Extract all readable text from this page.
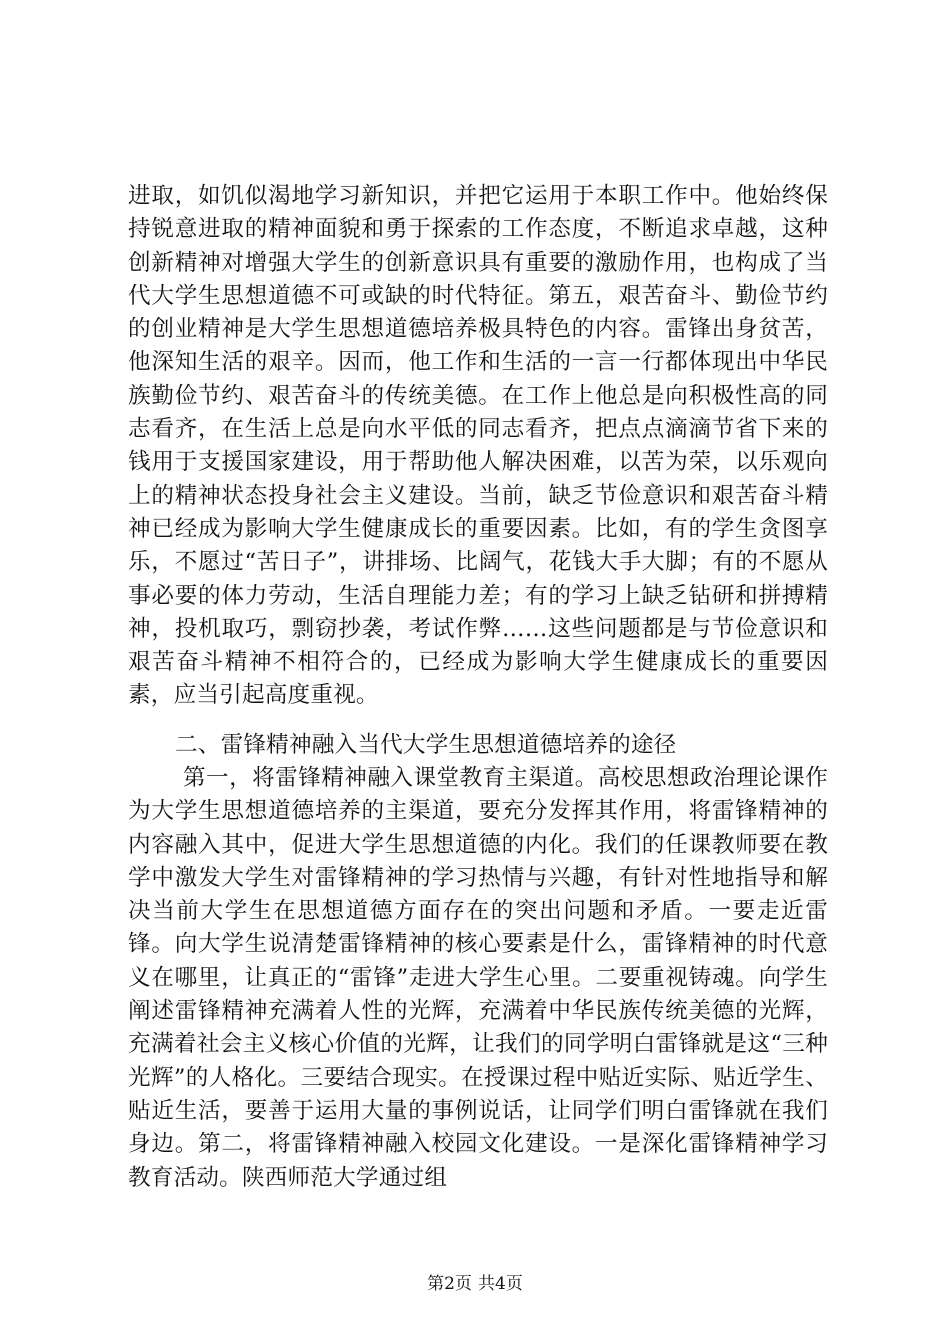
进取，如饥似渴地学习新知识，并把它运用于本职工作中。他始终保持锐意进取的精神面貌和勇于探索的工作态度，不断追求卓越，这种创新精神对增强大学生的创新意识具有重要的激励作用，也构成了当代大学生思想道德不可或缺的时代特征。第五，艰苦奋斗、勤俭节约的创业精神是大学生思想道德培养极具特色的内容。雷锋出身贫苦，他深知生活的艰辛。因而，他工作和生活的一言一行都体现出中华民族勤俭节约、艰苦奋斗的传统美德。在工作上他总是向积极性高的同志看齐，在生活上总是向水平低的同志看齐，把点点滴滴节省下来的钱用于支援国家建设，用于帮助他人解决困难，以苦为荣，以乐观向上的精神状态投身社会主义建设。当前，缺乏节俭意识和艰苦奋斗精神已经成为影响大学生健康成长的重要因素。比如，有的学生贪图享乐，不愿过“苦日子”，讲排场、比阔气，花钱大手大脚；有的不愿从事必要的体力劳动，生活自理能力差；有的学习上缺乏钻研和拼搏精神，投机取巧，剽窃抄袭，考试作弊……这些问题都是与节俭意识和艰苦奋斗精神不相符合的，已经成为影响大学生健康成长的重要因素，应当引起高度重视。
二、雷锋精神融入当代大学生思想道德培养的途径
第一，将雷锋精神融入课堂教育主渠道。高校思想政治理论课作为大学生思想道德培养的主渠道，要充分发挥其作用，将雷锋精神的内容融入其中，促进大学生思想道德的内化。我们的任课教师要在教学中激发大学生对雷锋精神的学习热情与兴趣，有针对性地指导和解决当前大学生在思想道德方面存在的突出问题和矛盾。一要走近雷锋。向大学生说清楚雷锋精神的核心要素是什么，雷锋精神的时代意义在哪里，让真正的“雷锋”走进大学生心里。二要重视铸魂。向学生阐述雷锋精神充满着人性的光辉，充满着中华民族传统美德的光辉，充满着社会主义核心价值的光辉，让我们的同学明白雷锋就是这“三种光辉”的人格化。三要结合现实。在授课过程中贴近实际、贴近学生、贴近生活，要善于运用大量的事例说话，让同学们明白雷锋就在我们身边。第二，将雷锋精神融入校园文化建设。一是深化雷锋精神学习教育活动。陕西师范大学通过组
第2页 共4页
